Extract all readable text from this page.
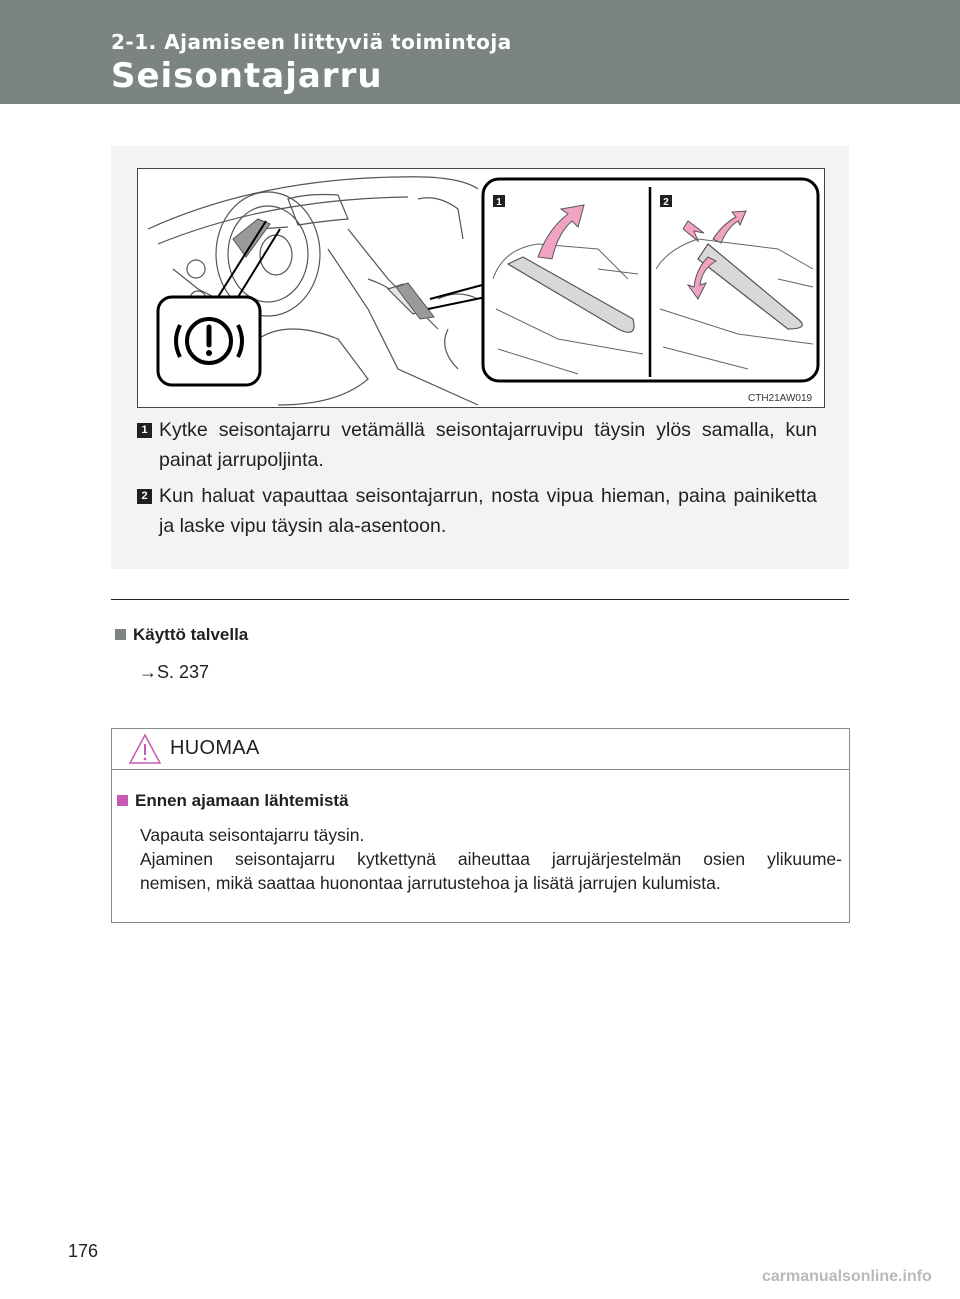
2-1. Ajamiseen liittyviä toimintoja
Seisontajarru
1	2
CTH21AW019
1 Kytke seisontajarru vetämällä seisontajarruvipu täysin ylös samalla, kun painat jarrupoljinta.
2 Kun haluat vapauttaa seisontajarrun, nosta vipua hieman, paina painiketta ja laske vipu täysin ala-asentoon.
Käyttö talvella
→S. 237
HUOMAA
Ennen ajamaan lähtemistä

Vapauta seisontajarru täysin.

Ajaminen seisontajarru kytkettynä aiheuttaa jarrujärjestelmän osien ylikuume-

nemisen, mikä saattaa huonontaa jarrutustehoa ja lisätä jarrujen kulumista.

176
carmanualsonline.info
